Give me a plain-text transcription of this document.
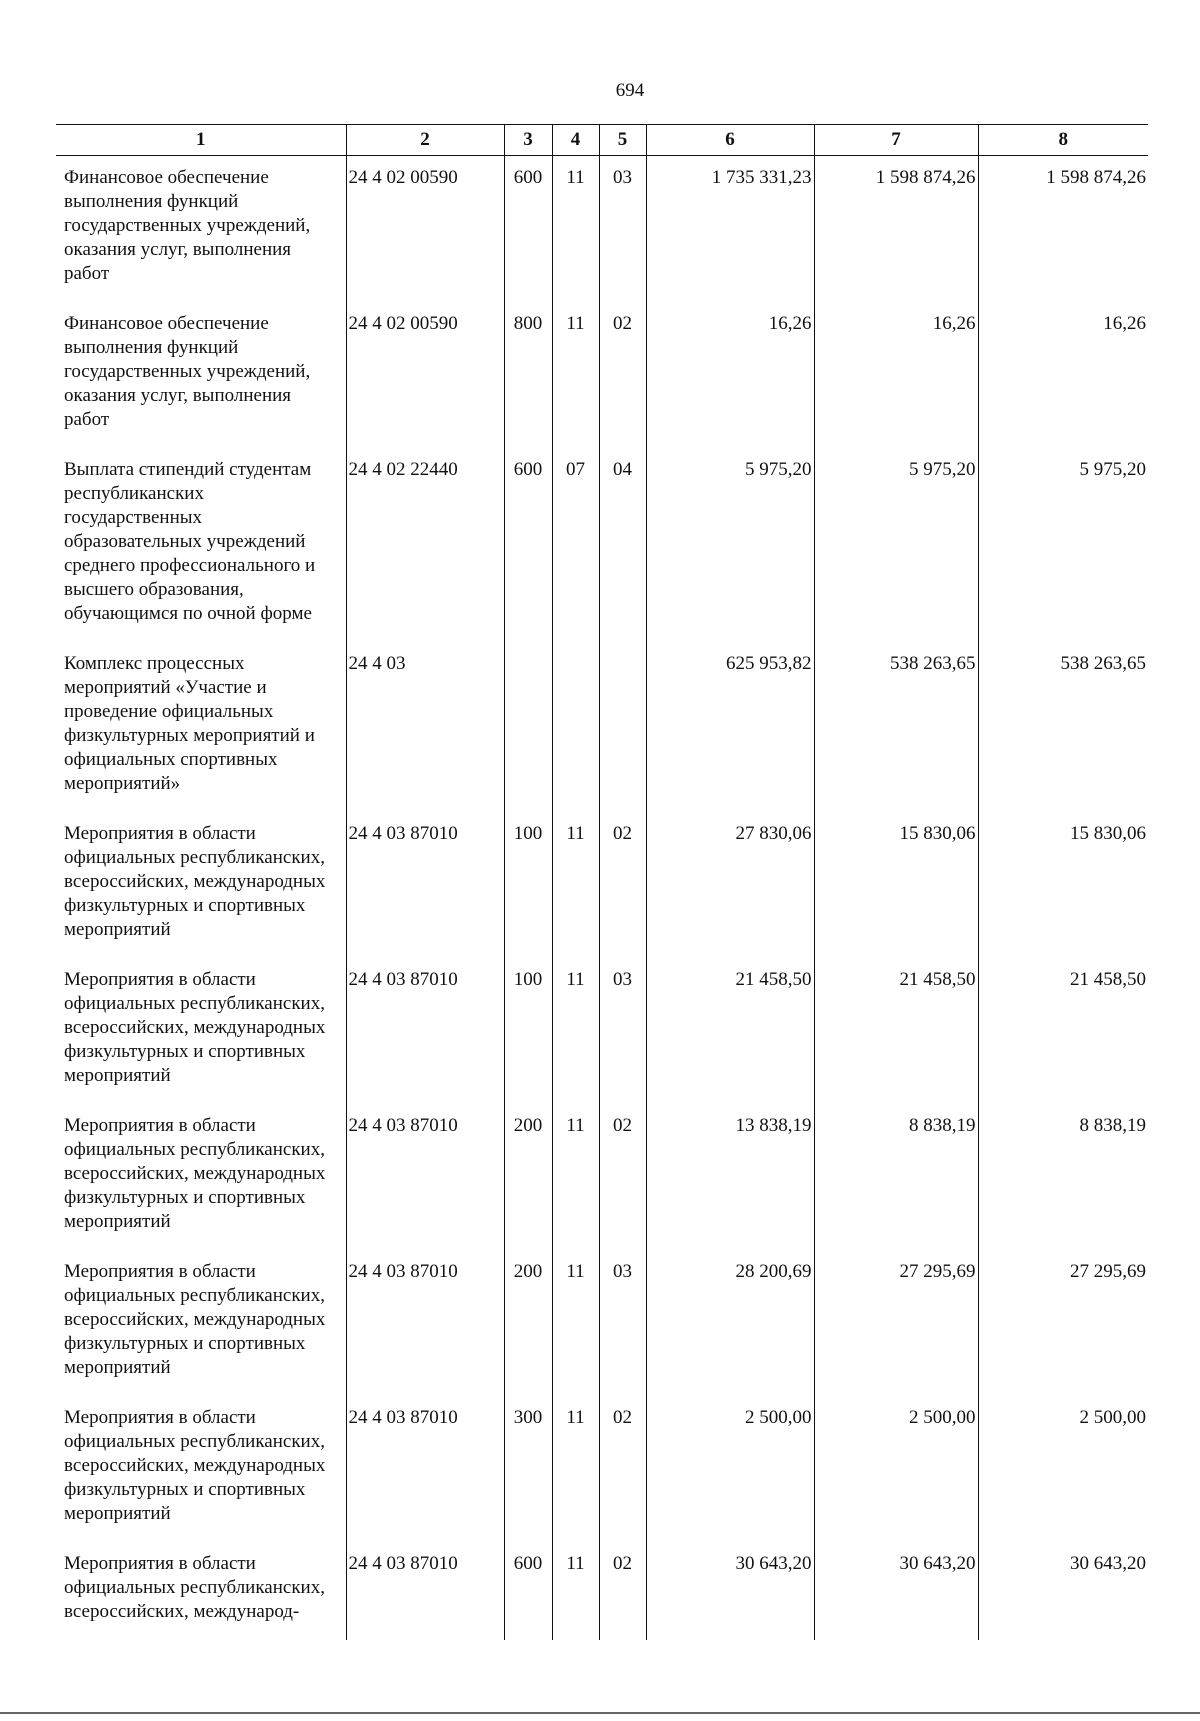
694
1	2	3	4	5	6	7	8
Финансовое обеспечение выполнения функций государственных учреждений, оказания услуг, выполнения работ	24 4 02 00590	600	11	03	1 735 331,23	1 598 874,26	1 598 874,26
Финансовое обеспечение выполнения функций государственных учреждений, оказания услуг, выполнения работ	24 4 02 00590	800	11	02	16,26	16,26	16,26
Выплата стипендий студентам республиканских государственных образовательных учреждений среднего профессионального и высшего образования, обучающимся по очной форме	24 4 02 22440	600	07	04	5 975,20	5 975,20	5 975,20
Комплекс процессных мероприятий «Участие и проведение официальных физкультурных мероприятий и официальных спортивных мероприятий»	24 4 03				625 953,82	538 263,65	538 263,65
Мероприятия в области официальных республиканских, всероссийских, международных физкультурных и спортивных мероприятий	24 4 03 87010	100	11	02	27 830,06	15 830,06	15 830,06
Мероприятия в области официальных республиканских, всероссийских, международных физкультурных и спортивных мероприятий	24 4 03 87010	100	11	03	21 458,50	21 458,50	21 458,50
Мероприятия в области официальных республиканских, всероссийских, международных физкультурных и спортивных мероприятий	24 4 03 87010	200	11	02	13 838,19	8 838,19	8 838,19
Мероприятия в области официальных республиканских, всероссийских, международных физкультурных и спортивных мероприятий	24 4 03 87010	200	11	03	28 200,69	27 295,69	27 295,69
Мероприятия в области официальных республиканских, всероссийских, международных физкультурных и спортивных мероприятий	24 4 03 87010	300	11	02	2 500,00	2 500,00	2 500,00
Мероприятия в области официальных республиканских, всероссийских, международ-	24 4 03 87010	600	11	02	30 643,20	30 643,20	30 643,20
